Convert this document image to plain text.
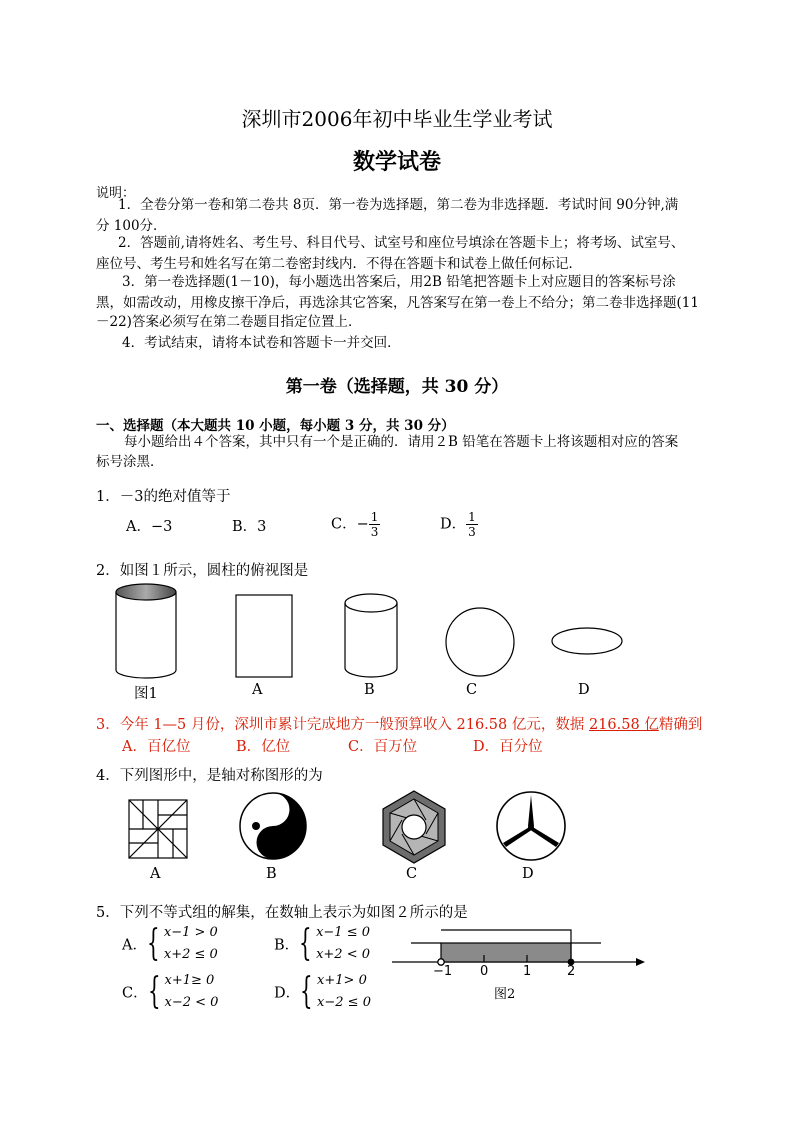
深圳市2006年初中毕业生学业考试
数学试卷
说明：
1．全卷分第一卷和第二卷共 8页．第一卷为选择题，第二卷为非选择题．考试时间 90分钟,满
分 100分．
2．答题前,请将姓名、考生号、科目代号、试室号和座位号填涂在答题卡上；将考场、试室号、
座位号、考生号和姓名写在第二卷密封线内．不得在答题卡和试卷上做任何标记．
3．第一卷选择题(1－10)，每小题选出答案后，用2B 铅笔把答题卡上对应题目的答案标号涂
黑，如需改动，用橡皮擦干净后，再选涂其它答案，凡答案写在第一卷上不给分；第二卷非选择题(11
－22)答案必须写在第二卷题目指定位置上．
4．考试结束，请将本试卷和答题卡一并交回．
第一卷（选择题，共 30 分）
一、选择题（本大题共 10 小题，每小题 3 分，共 30 分）
每小题给出４个答案，其中只有一个是正确的．请用２B 铅笔在答题卡上将该题相对应的答案
标号涂黑．
1．－3的绝对值等于
A．−3	B．3	C．− $\frac{1}{3}$	D． $\frac{1}{3}$
2．如图１所示，圆柱的俯视图是
图1	A	B	C	D
3．今年 1—5 月份，深圳市累计完成地方一般预算收入 216.58 亿元，数据 216.58 亿精确到
A．百亿位	B．亿位	C．百万位	D．百分位
4．下列图形中，是轴对称图形的为
A	B	C	D
5．下列不等式组的解集，在数轴上表示为如图２所示的是
A．{ x−1 > 0
x+2 ≤ 0
B．{ x−1 ≤ 0
x+2 < 0
C．{ x+1≥ 0
x−2 < 0
D．{ x+1> 0
x−2 ≤ 0
−1 0	1	2
图2
